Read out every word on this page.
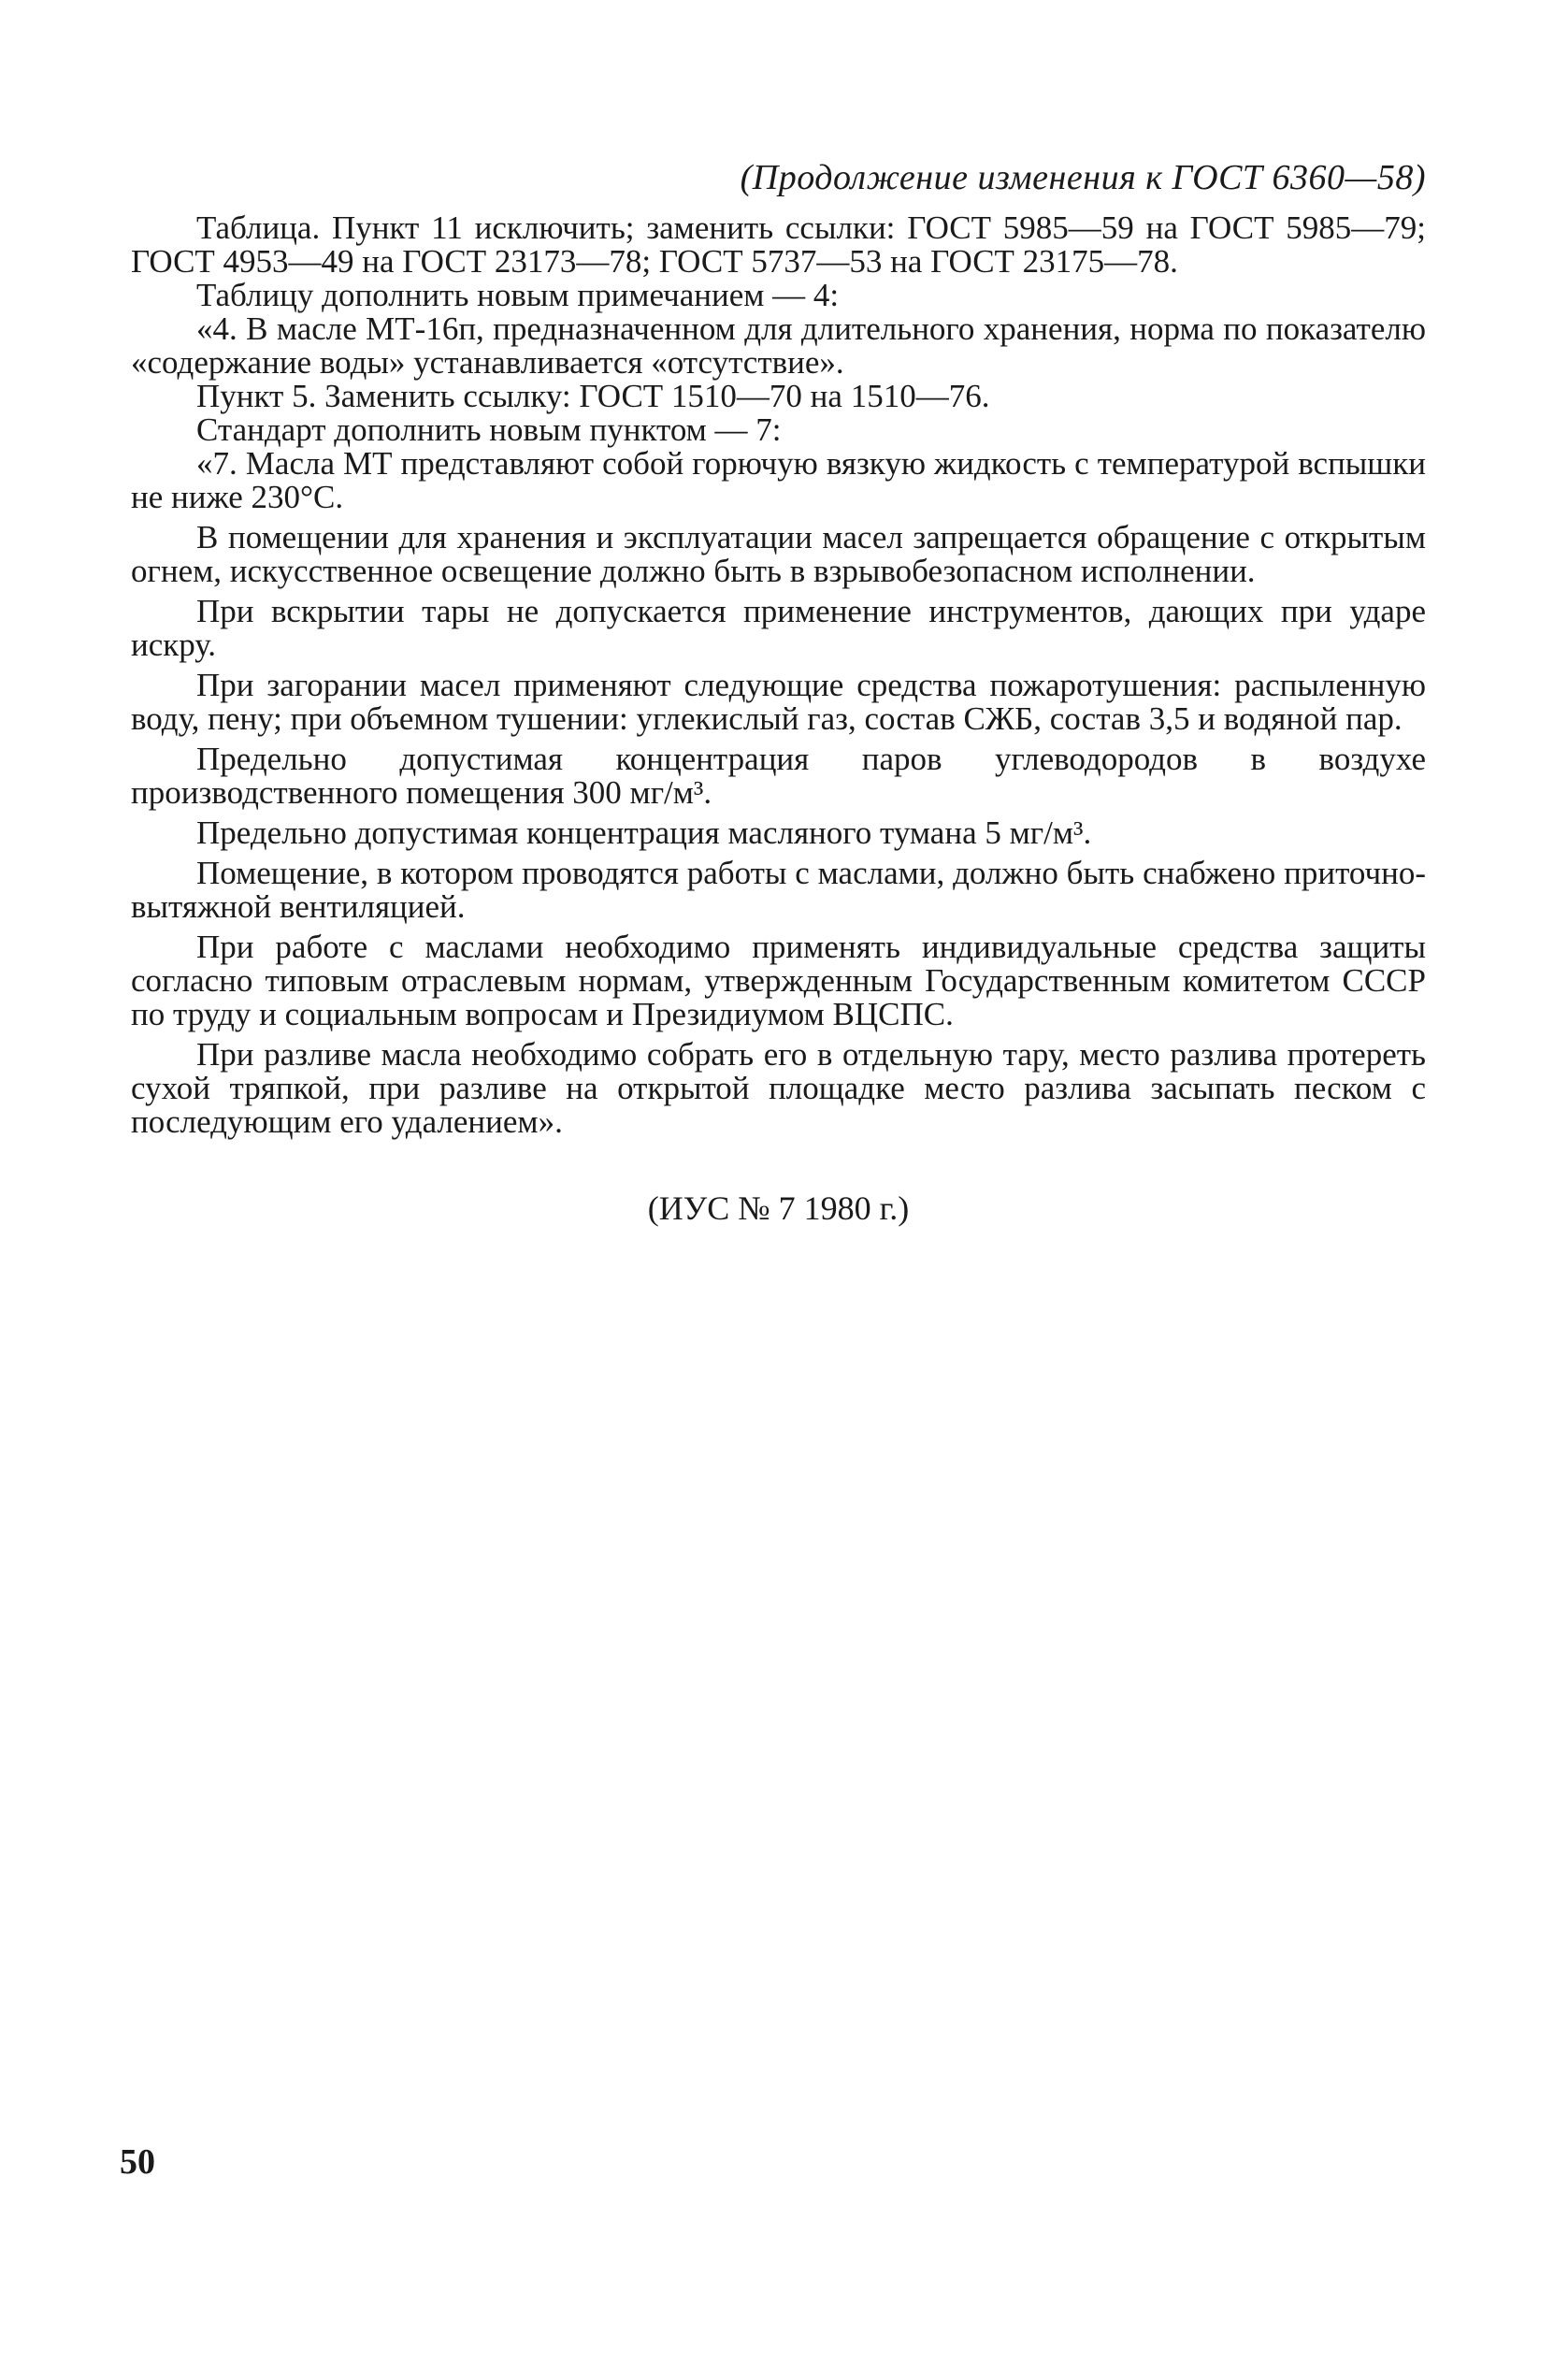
(Продолжение изменения к ГОСТ 6360—58)

Таблица. Пункт 11 исключить; заменить ссылки: ГОСТ 5985—59 на ГОСТ 5985—79; ГОСТ 4953—49 на ГОСТ 23173—78; ГОСТ 5737—53 на ГОСТ 23175—78.

Таблицу дополнить новым примечанием — 4:

«4. В масле МТ-16п, предназначенном для длительного хранения, норма по показателю «содержание воды» устанавливается «отсутствие».

Пункт 5. Заменить ссылку: ГОСТ 1510—70 на 1510—76.

Стандарт дополнить новым пунктом — 7:

«7. Масла МТ представляют собой горючую вязкую жидкость с температурой вспышки не ниже 230°С.

В помещении для хранения и эксплуатации масел запрещается обращение с открытым огнем, искусственное освещение должно быть в взрывобезопасном исполнении.

При вскрытии тары не допускается применение инструментов, дающих при ударе искру.

При загорании масел применяют следующие средства пожаротушения: распыленную воду, пену; при объемном тушении: углекислый газ, состав СЖБ, состав 3,5 и водяной пар.

Предельно допустимая концентрация паров углеводородов в воздухе производственного помещения 300 мг/м³.

Предельно допустимая концентрация масляного тумана 5 мг/м³.

Помещение, в котором проводятся работы с маслами, должно быть снабжено приточно-вытяжной вентиляцией.

При работе с маслами необходимо применять индивидуальные средства защиты согласно типовым отраслевым нормам, утвержденным Государственным комитетом СССР по труду и социальным вопросам и Президиумом ВЦСПС.

При разливе масла необходимо собрать его в отдельную тару, место разлива протереть сухой тряпкой, при разливе на открытой площадке место разлива засыпать песком с последующим его удалением».

(ИУС № 7 1980 г.)
50
